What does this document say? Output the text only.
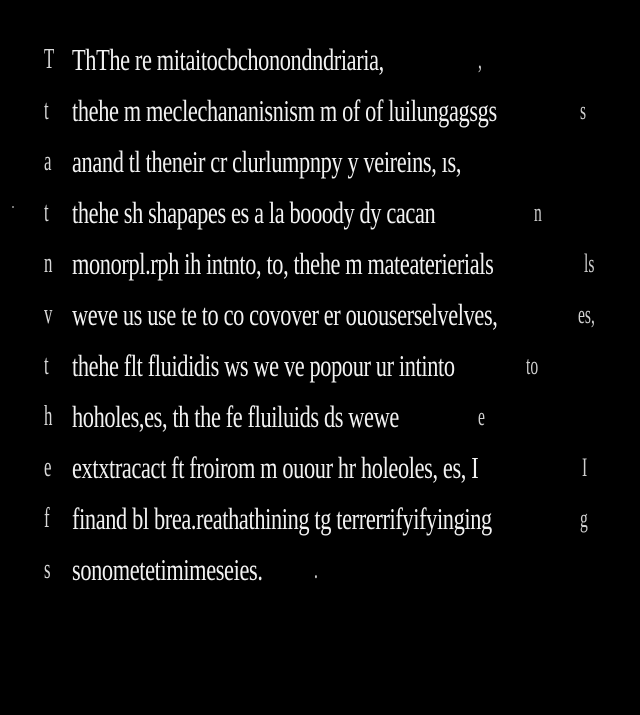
T ThThe re mitaitocbchonondndriaria,	,
t thehe m meclechananisnism m of of luilungagsgs	s
a anand tl theneir cr clurlumpnpy y veireins, ıs,
t thehe sh shapapes es a la booody dy cacan	n
n monorpl.rph ih intnto, to, thehe m mateaterierials	ls
v weve us use te to co covover er ououserselvelves,	es,
t thehe flt fluididis ws we ve popour ur intinto	to
h hoholes,es, th the fe fluiluids ds wewe	e
e extxtracact ft froirom m ouour hr holeoles, es, I	I
f finand bl brea.reathathining tg terrerrifyifyinging	g
s sonometetimimeseies. .
